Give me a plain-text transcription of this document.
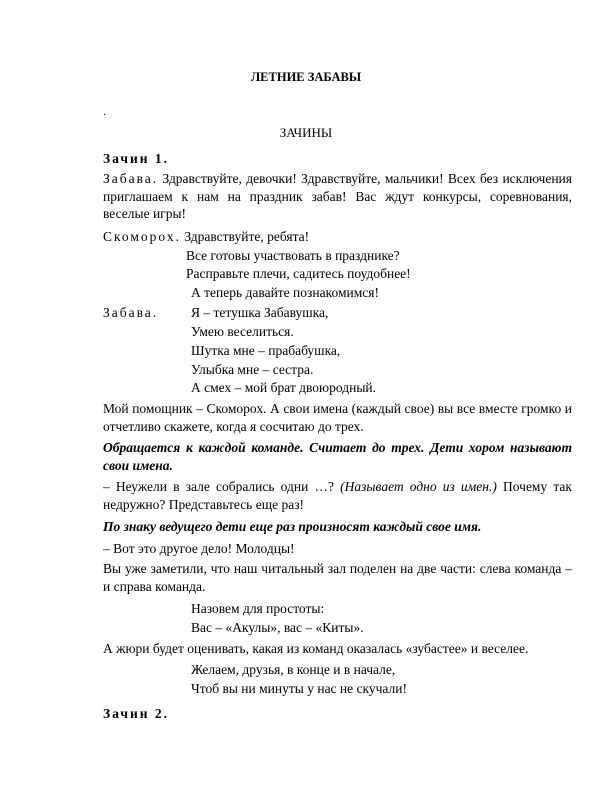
ЛЕТНИЕ ЗАБАВЫ
.
ЗАЧИНЫ
Зачин 1.
Забава. Здравствуйте, девочки! Здравствуйте, мальчики! Всех без исключения приглашаем к нам на праздник забав! Вас ждут конкурсы, соревнования, веселые игры!
Скоморох. Здравствуйте, ребята!
Все готовы участвовать в празднике?
Расправьте плечи, садитесь поудобнее!
А теперь давайте познакомимся!
Забава. Я – тетушка Забавушка,
Умею веселиться.
Шутка мне – прабабушка,
Улыбка мне – сестра.
А смех – мой брат двоюродный.
Мой помощник – Скоморох. А свои имена (каждый свое) вы все вместе громко и отчетливо скажете, когда я сосчитаю до трех.
Обращается к каждой команде. Считает до трех. Дети хором называют свои имена.
– Неужели в зале собрались одни …? (Называет одно из имен.) Почему так недружно? Представьтесь еще раз!
По знаку ведущего дети еще раз произносят каждый свое имя.
– Вот это другое дело! Молодцы!
Вы уже заметили, что наш читальный зал поделен на две части: слева команда – и справа команда.
Назовем для простоты:
Вас – «Акулы», вас – «Киты».
А жюри будет оценивать, какая из команд оказалась «зубастее» и веселее.
Желаем, друзья, в конце и в начале,
Чтоб вы ни минуты у нас не скучали!
Зачин 2.
